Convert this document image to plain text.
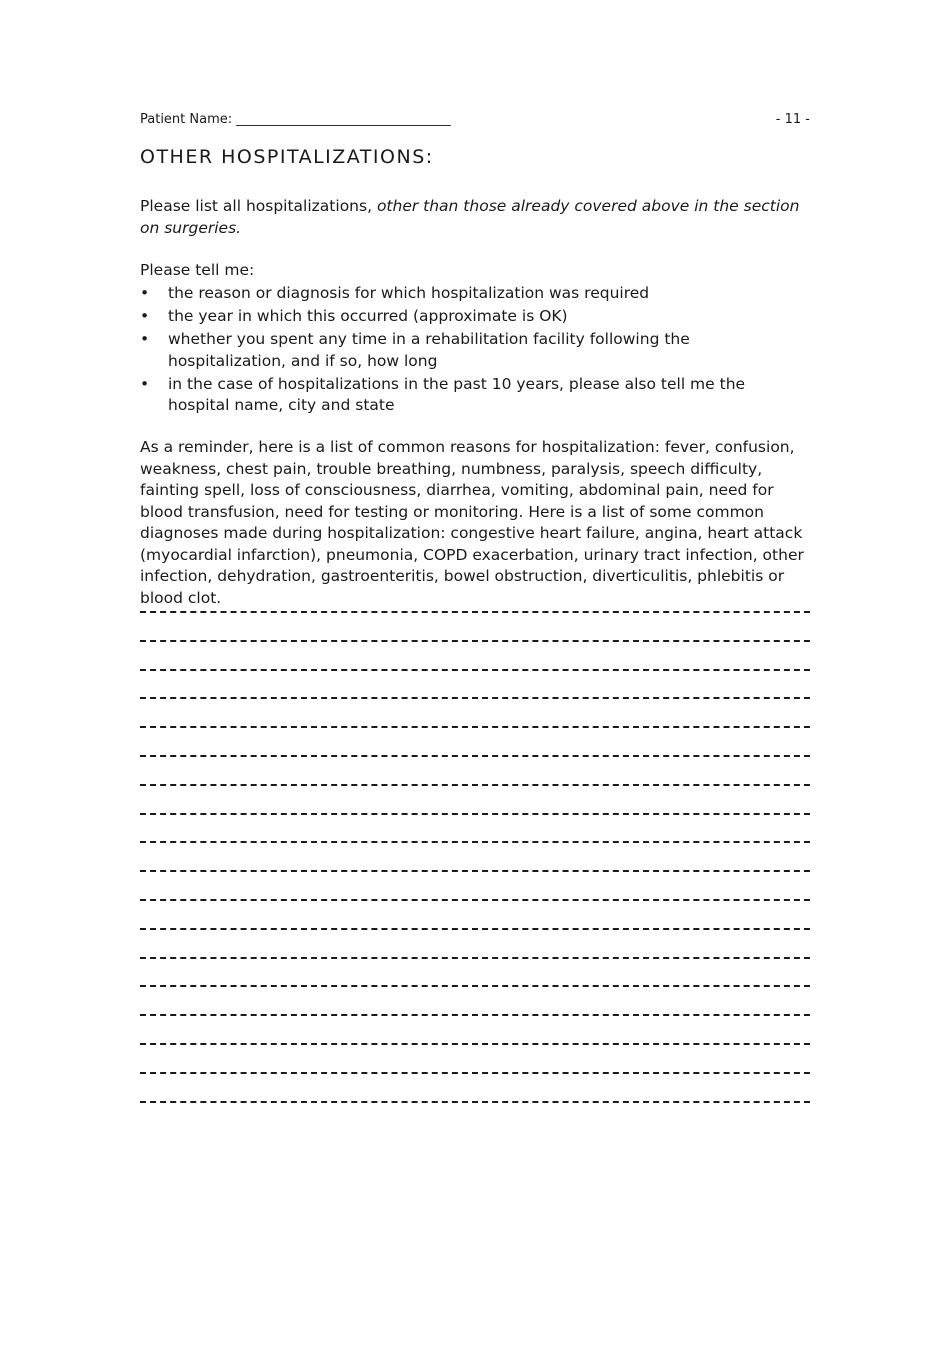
Patient Name: _________________________________	- 11 -
OTHER HOSPITALIZATIONS:

Please list all hospitalizations, other than those already covered above in the section on surgeries.

Please tell me:

• the reason or diagnosis for which hospitalization was required
• the year in which this occurred (approximate is OK)
• whether you spent any time in a rehabilitation facility following the hospitalization, and if so, how long
• in the case of hospitalizations in the past 10 years, please also tell me the hospital name, city and state

As a reminder, here is a list of common reasons for hospitalization: fever, confusion, weakness, chest pain, trouble breathing, numbness, paralysis, speech difficulty, fainting spell, loss of consciousness, diarrhea, vomiting, abdominal pain, need for blood transfusion, need for testing or monitoring. Here is a list of some common diagnoses made during hospitalization: congestive heart failure, angina, heart attack (myocardial infarction), pneumonia, COPD exacerbation, urinary tract infection, other infection, dehydration, gastroenteritis, bowel obstruction, diverticulitis, phlebitis or blood clot.
